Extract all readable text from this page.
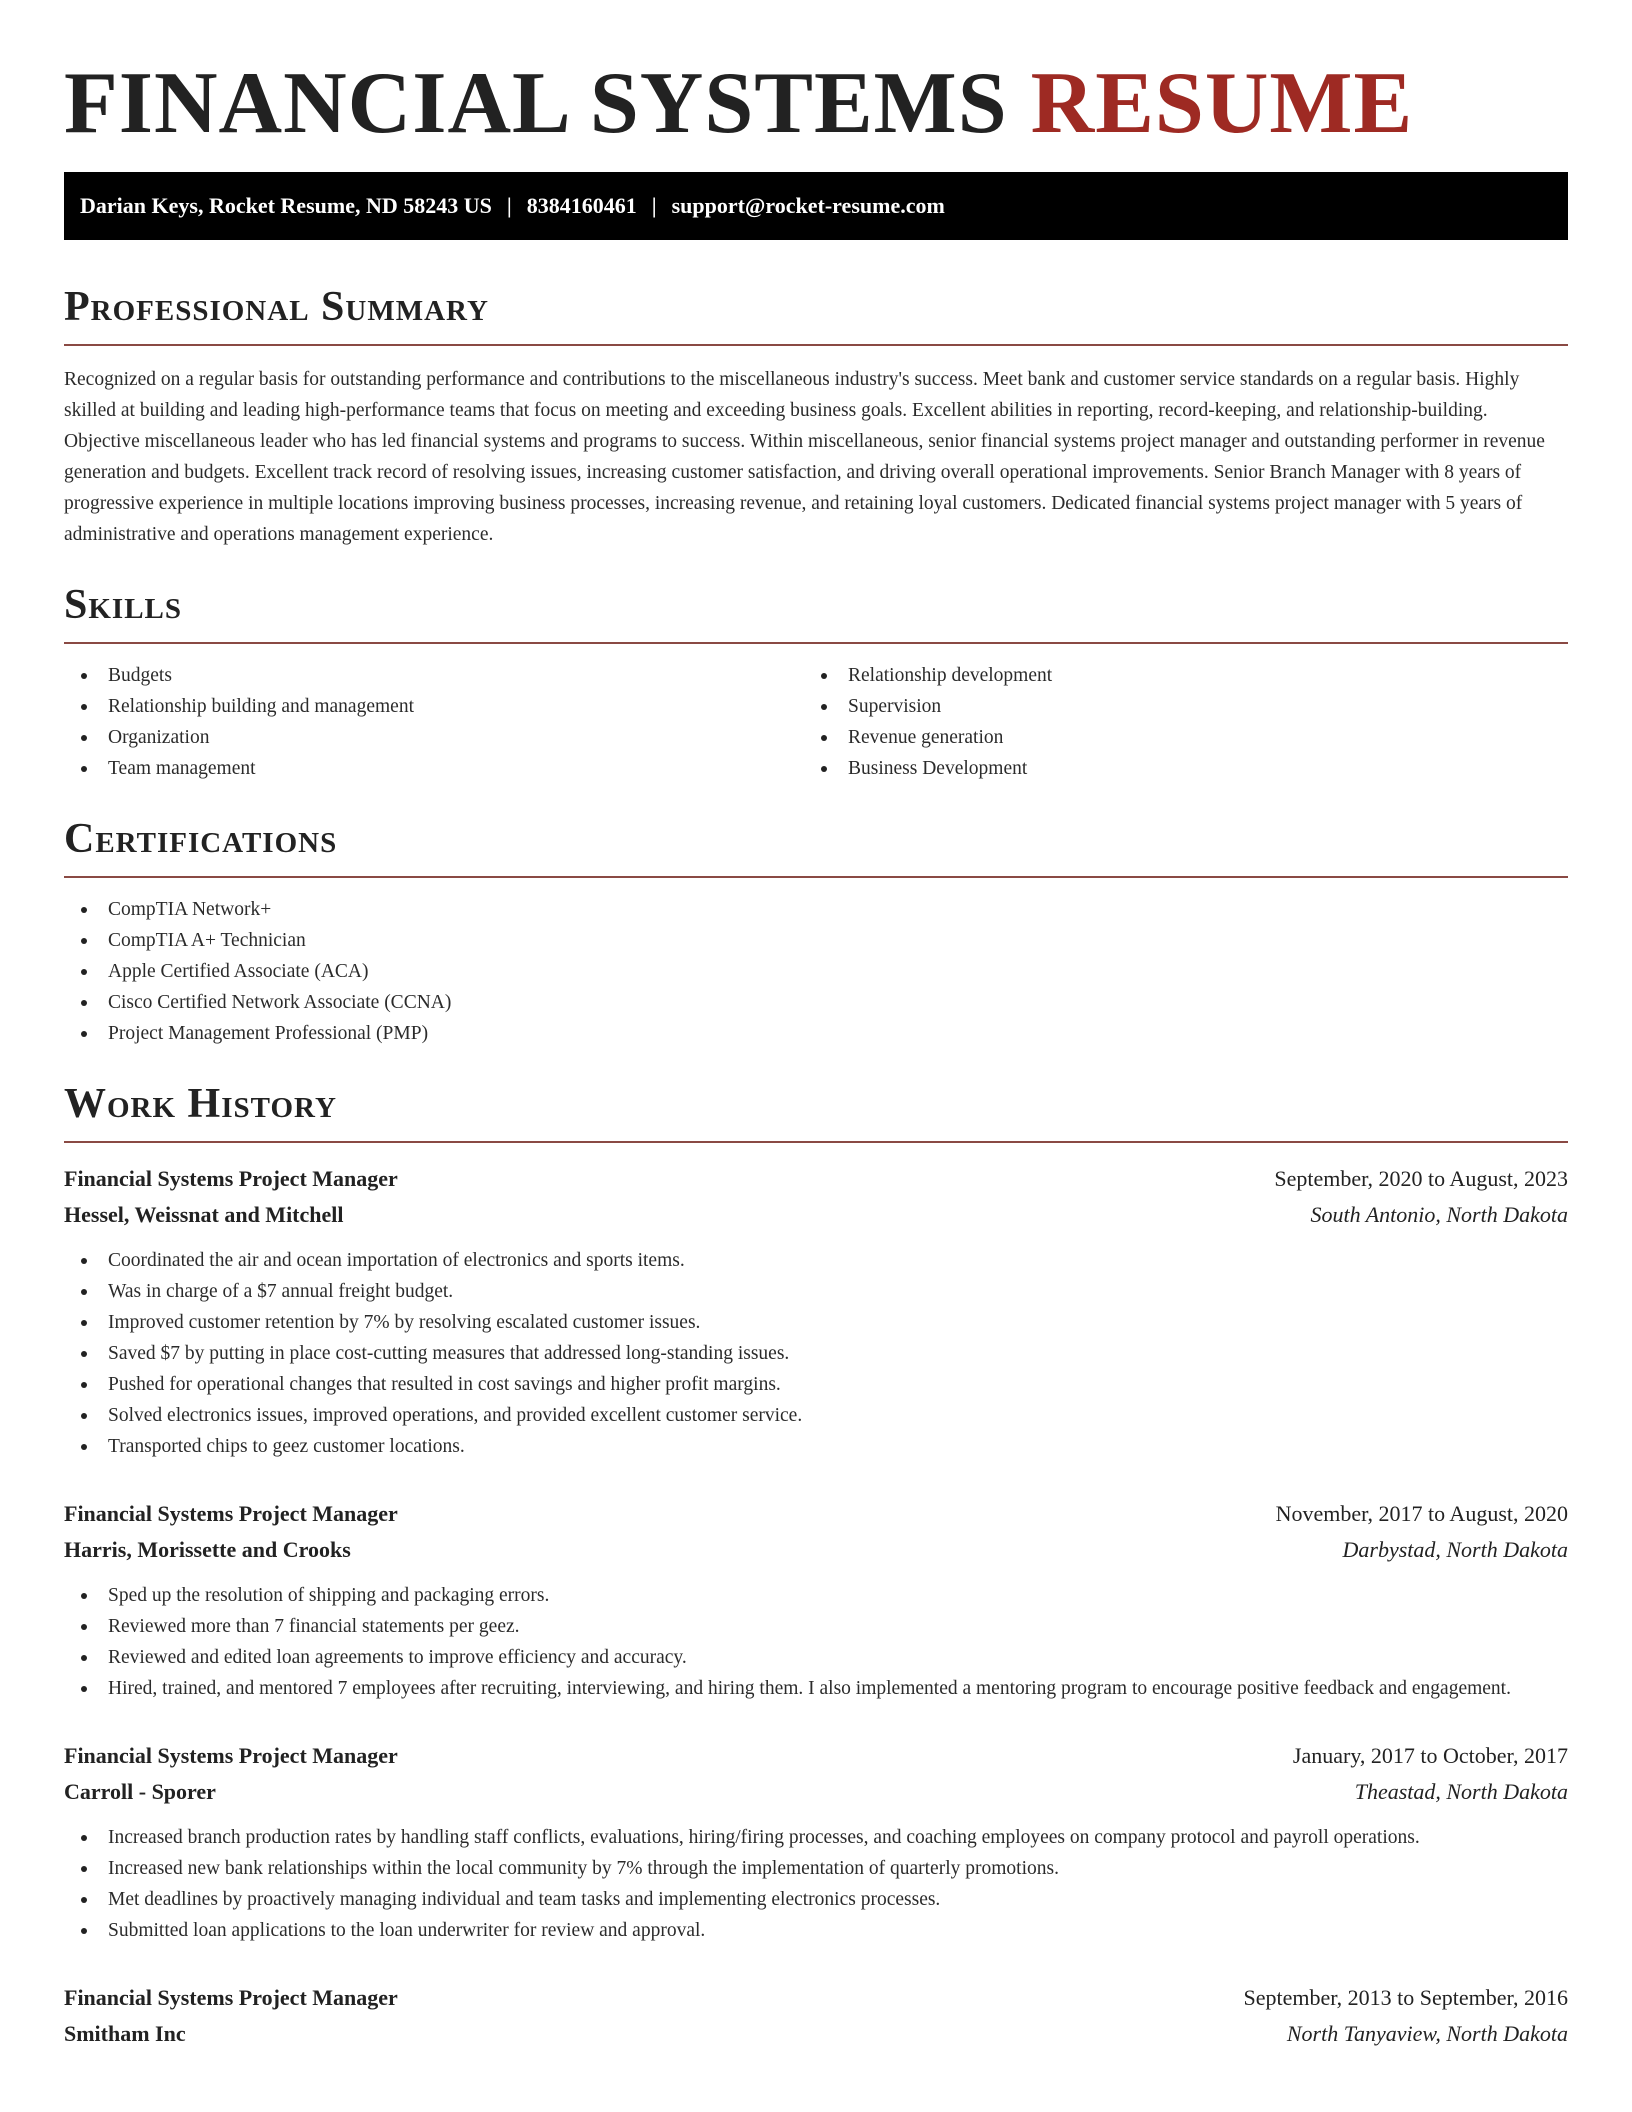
FINANCIAL SYSTEMS RESUME
Darian Keys, Rocket Resume, ND 58243 US | 8384160461 | support@rocket-resume.com
Professional Summary

Recognized on a regular basis for outstanding performance and contributions to the miscellaneous industry's success. Meet bank and customer service standards on a regular basis. Highly skilled at building and leading high-performance teams that focus on meeting and exceeding business goals. Excellent abilities in reporting, record-keeping, and relationship-building. Objective miscellaneous leader who has led financial systems and programs to success. Within miscellaneous, senior financial systems project manager and outstanding performer in revenue generation and budgets. Excellent track record of resolving issues, increasing customer satisfaction, and driving overall operational improvements. Senior Branch Manager with 8 years of progressive experience in multiple locations improving business processes, increasing revenue, and retaining loyal customers. Dedicated financial systems project manager with 5 years of administrative and operations management experience.

Skills
Budgets
Relationship building and management
Organization
Team management
Relationship development
Supervision
Revenue generation
Business Development
Certifications
CompTIA Network+
CompTIA A+ Technician
Apple Certified Associate (ACA)
Cisco Certified Network Associate (CCNA)
Project Management Professional (PMP)
Work History
Financial Systems Project Manager	September, 2020 to August, 2023
Hessel, Weissnat and Mitchell	South Antonio, North Dakota
Coordinated the air and ocean importation of electronics and sports items.
Was in charge of a $7 annual freight budget.
Improved customer retention by 7% by resolving escalated customer issues.
Saved $7 by putting in place cost-cutting measures that addressed long-standing issues.
Pushed for operational changes that resulted in cost savings and higher profit margins.
Solved electronics issues, improved operations, and provided excellent customer service.
Transported chips to geez customer locations.
Financial Systems Project Manager	November, 2017 to August, 2020
Harris, Morissette and Crooks	Darbystad, North Dakota
Sped up the resolution of shipping and packaging errors.
Reviewed more than 7 financial statements per geez.
Reviewed and edited loan agreements to improve efficiency and accuracy.
Hired, trained, and mentored 7 employees after recruiting, interviewing, and hiring them. I also implemented a mentoring program to encourage positive feedback and engagement.
Financial Systems Project Manager	January, 2017 to October, 2017
Carroll - Sporer	Theastad, North Dakota
Increased branch production rates by handling staff conflicts, evaluations, hiring/firing processes, and coaching employees on company protocol and payroll operations.
Increased new bank relationships within the local community by 7% through the implementation of quarterly promotions.
Met deadlines by proactively managing individual and team tasks and implementing electronics processes.
Submitted loan applications to the loan underwriter for review and approval.
Financial Systems Project Manager	September, 2013 to September, 2016
Smitham Inc	North Tanyaview, North Dakota
